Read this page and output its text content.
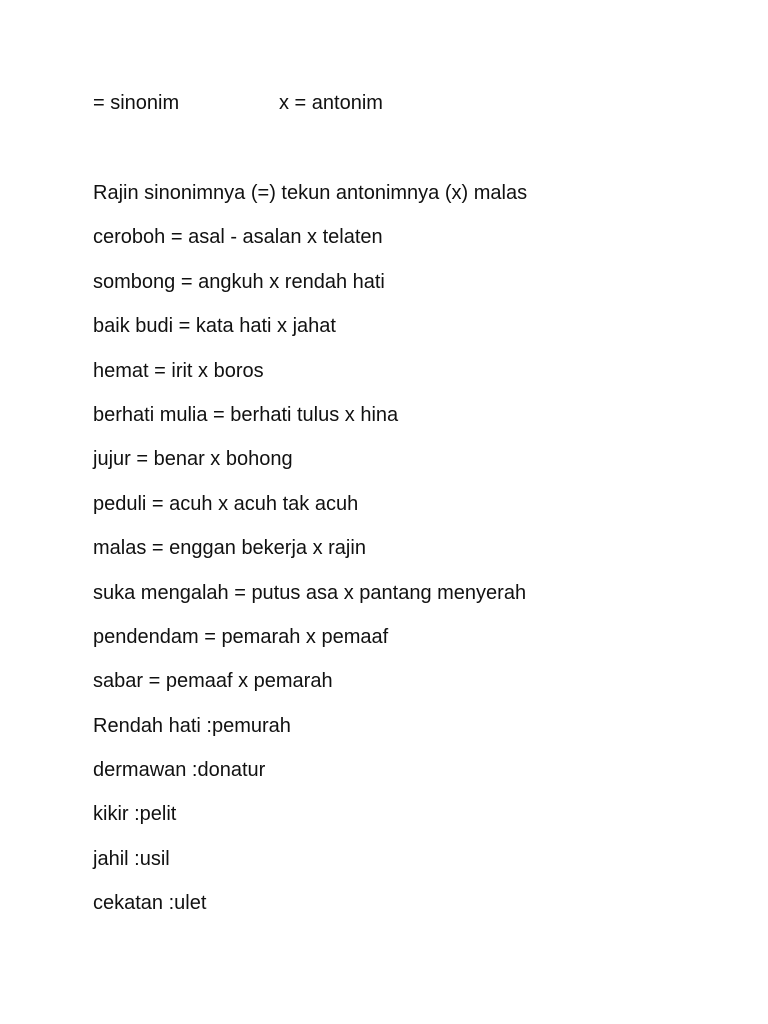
= sinonim	x = antonim
Rajin sinonimnya (=) tekun antonimnya (x) malas
ceroboh = asal - asalan x telaten
sombong = angkuh x rendah hati
baik budi = kata hati x jahat
hemat = irit x boros
berhati mulia = berhati tulus x hina
jujur = benar x bohong
peduli = acuh x acuh tak acuh
malas = enggan bekerja x rajin
suka mengalah = putus asa x pantang menyerah
pendendam = pemarah x pemaaf
sabar = pemaaf x pemarah
Rendah hati :pemurah
dermawan :donatur
kikir :pelit
jahil :usil
cekatan :ulet
